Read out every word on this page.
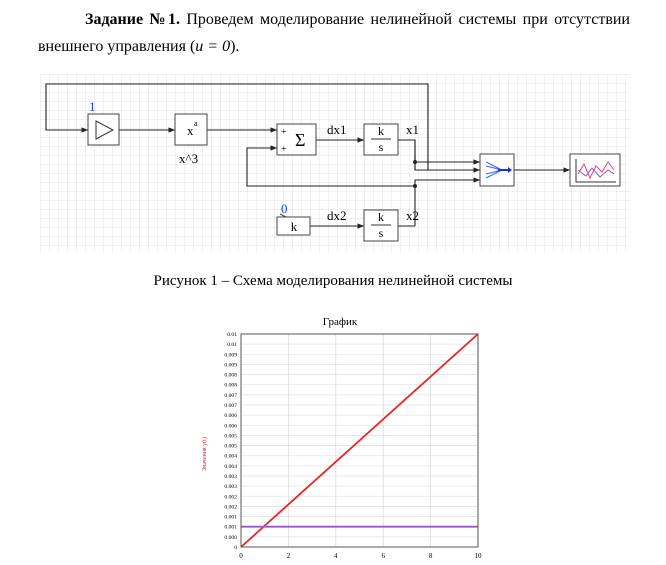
Задание №1. Проведем моделирование нелинейной системы при отсутствии внешнего управления (u = 0).
1
x a
x^3
+
+ Σ	k
s
0
k
k
s
dx1	x1
dx2	x2
Рисунок 1 – Схема моделирования нелинейной системы
График
Значения y(t)
0
0.000
0.001
0.001
0.002
0.002
0.003
0.003
0.004
0.004
0.005
0.005
0.006
0.006
0.007
0.007
0.008
0.008
0.009
0.009
0.01
0.01
0	2	4	6	8	10
